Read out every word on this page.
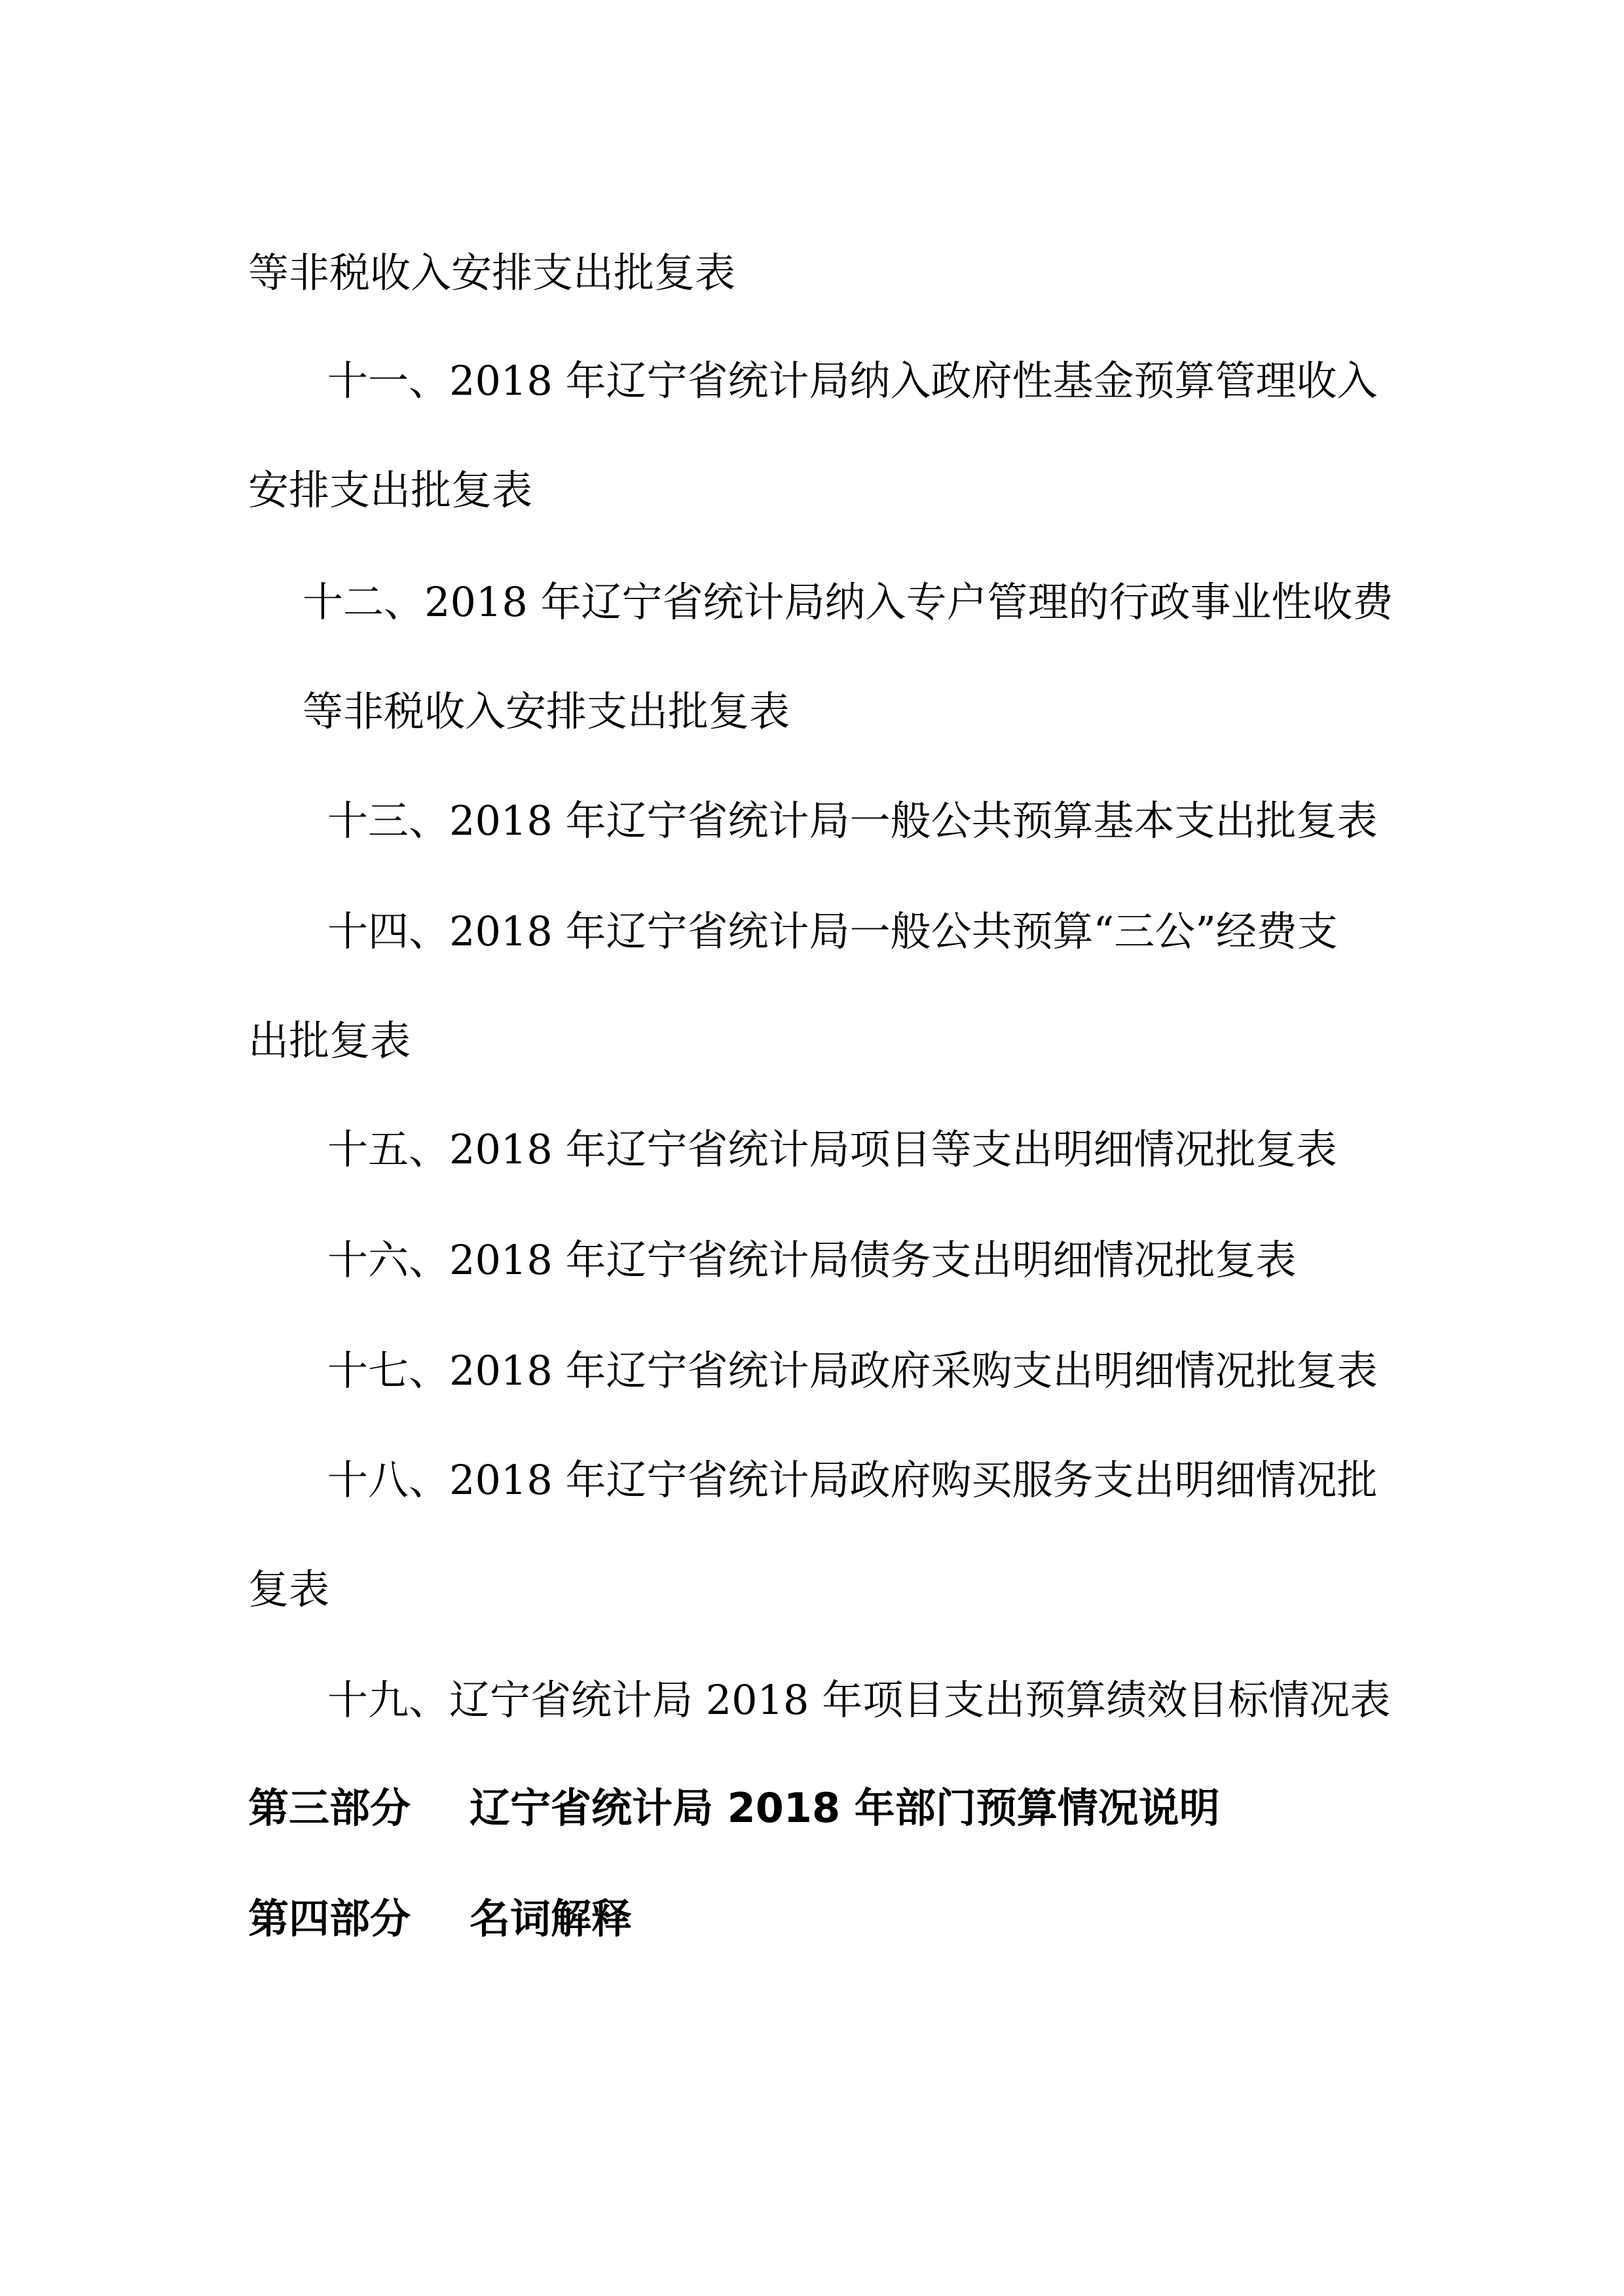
等非税收入安排支出批复表
十一、2018 年辽宁省统计局纳入政府性基金预算管理收入
安排支出批复表
十二、2018 年辽宁省统计局纳入专户管理的行政事业性收费
等非税收入安排支出批复表
十三、2018 年辽宁省统计局一般公共预算基本支出批复表
十四、2018 年辽宁省统计局一般公共预算“三公”经费支
出批复表
十五、2018 年辽宁省统计局项目等支出明细情况批复表
十六、2018 年辽宁省统计局债务支出明细情况批复表
十七、2018 年辽宁省统计局政府采购支出明细情况批复表
十八、2018 年辽宁省统计局政府购买服务支出明细情况批
复表
十九、辽宁省统计局 2018 年项目支出预算绩效目标情况表
第三部分 辽宁省统计局 2018 年部门预算情况说明
第四部分 名词解释
